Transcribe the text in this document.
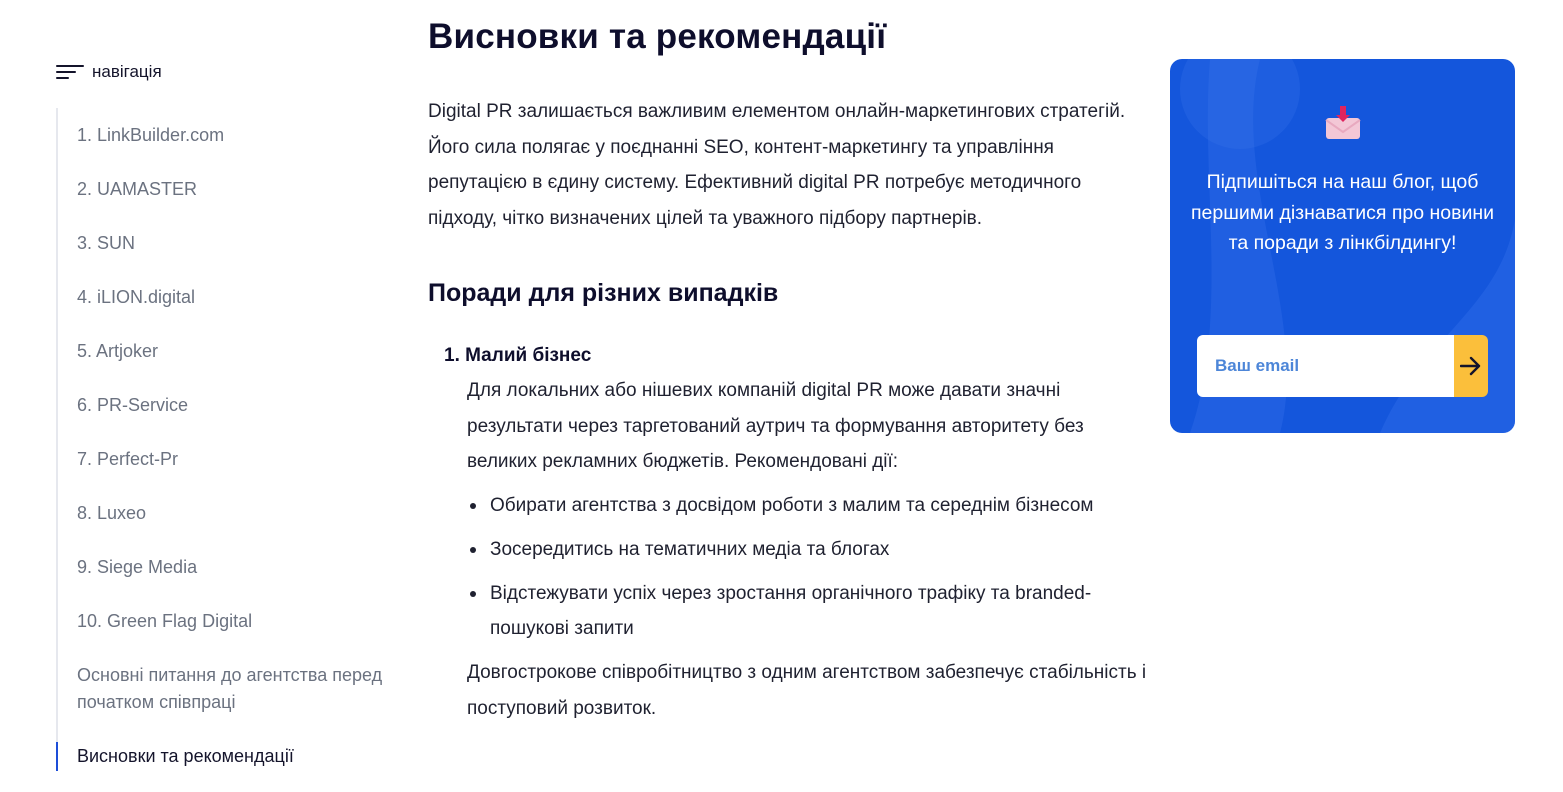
навігація
1. LinkBuilder.com
2. UAMASTER
3. SUN
4. iLION.digital
5. Artjoker
6. PR-Service
7. Perfect-Pr
8. Luxeo
9. Siege Media
10. Green Flag Digital
Основні питання до агентства перед початком співпраці
Висновки та рекомендації
Висновки та рекомендації

Digital PR залишається важливим елементом онлайн-маркетингових стратегій. Його сила полягає у поєднанні SEO, контент-маркетингу та управління репутацією в єдину систему. Ефективний digital PR потребує методичного підходу, чітко визначених цілей та уважного підбору партнерів.

Поради для різних випадків
1. Малий бізнес

Для локальних або нішевих компаній digital PR може давати значні результати через таргетований аутрич та формування авторитету без великих рекламних бюджетів. Рекомендовані дії:

Обирати агентства з досвідом роботи з малим та середнім бізнесом
Зосередитись на тематичних медіа та блогах
Відстежувати успіх через зростання органічного трафіку та branded-пошукові запити

Довгострокове співробітництво з одним агентством забезпечує стабільність і поступовий розвиток.

Підпишіться на наш блог, щоб першими дізнаватися про новини та поради з лінкбілдингу!

Ваш email
